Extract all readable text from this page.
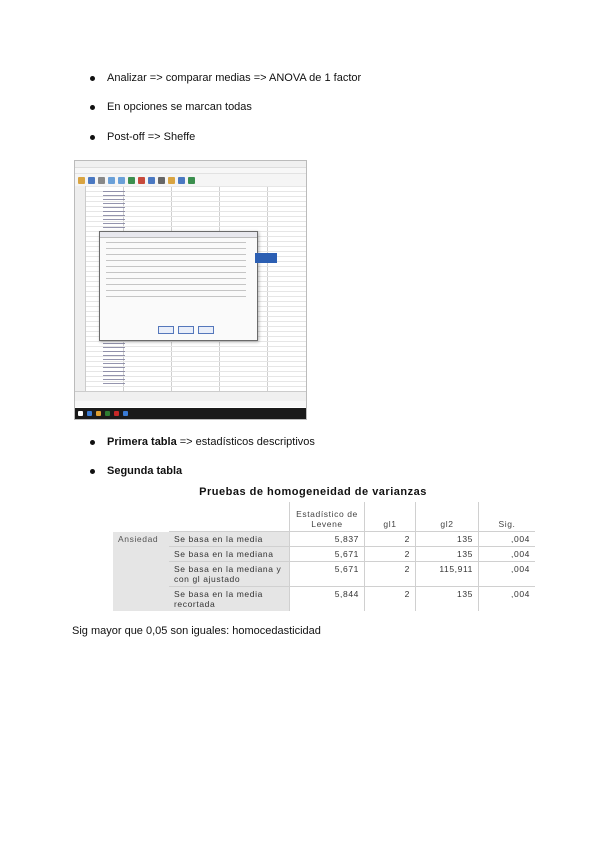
Analizar => comparar medias => ANOVA de 1 factor
En opciones se marcan todas
Post-off => Sheffe
Primera tabla => estadísticos descriptivos
Segunda tabla
Pruebas de homogeneidad de varianzas
		Estadístico de Levene	gl1	gl2	Sig.
Ansiedad	Se basa en la media	5,837	2	135	,004
	Se basa en la mediana	5,671	2	135	,004
	Se basa en la mediana y con gl ajustado	5,671	2	115,911	,004
	Se basa en la media recortada	5,844	2	135	,004
Sig mayor que 0,05 son iguales: homocedasticidad
